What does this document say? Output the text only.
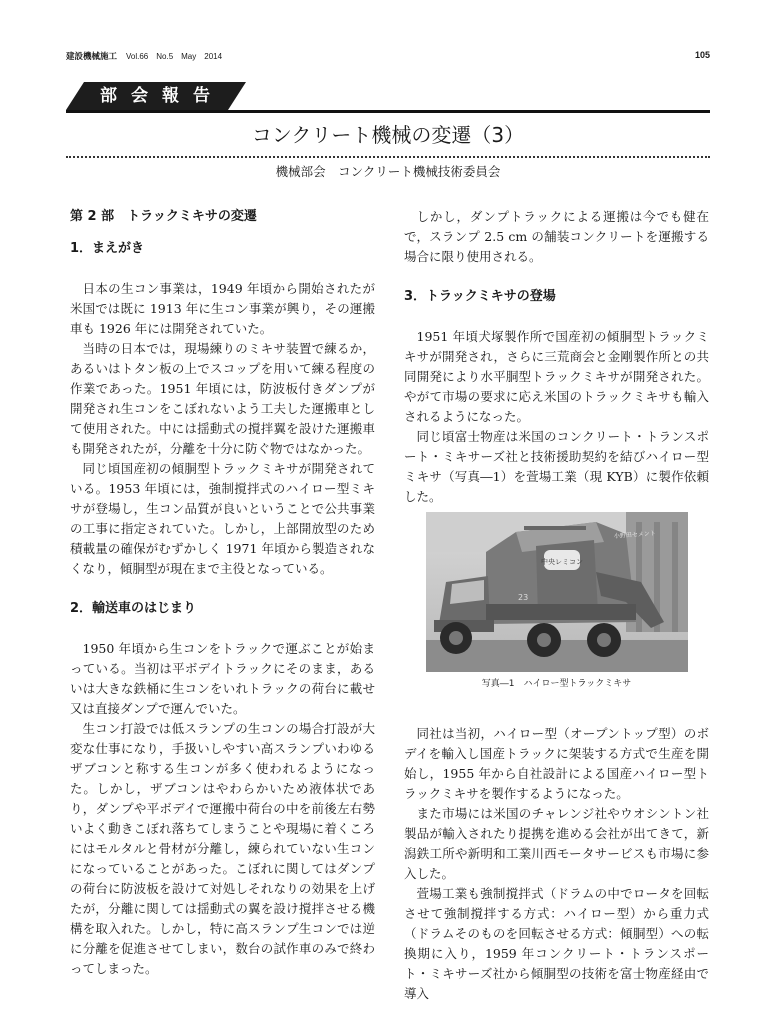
建設機械施工 Vol.66　No.5　May　2014	105
部会報告
コンクリート機械の変遷（3）
機械部会　コンクリート機械技術委員会
第 2 部　トラックミキサの変遷
1．まえがき

日本の生コン事業は，1949 年頃から開始されたが米国では既に 1913 年に生コン事業が興り，その運搬車も 1926 年には開発されていた。

当時の日本では，現場練りのミキサ装置で練るか，あるいはトタン板の上でスコップを用いて練る程度の作業であった。1951 年頃には，防波板付きダンプが開発され生コンをこぼれないよう工夫した運搬車として使用された。中には揺動式の撹拌翼を設けた運搬車も開発されたが，分離を十分に防ぐ物ではなかった。

同じ頃国産初の傾胴型トラックミキサが開発されている。1953 年頃には，強制撹拌式のハイロー型ミキサが登場し，生コン品質が良いということで公共事業の工事に指定されていた。しかし，上部開放型のため積載量の確保がむずかしく 1971 年頃から製造されなくなり，傾胴型が現在まで主役となっている。

2．輸送車のはじまり

1950 年頃から生コンをトラックで運ぶことが始まっている。当初は平ボデイトラックにそのまま，あるいは大きな鉄桶に生コンをいれトラックの荷台に載せ又は直接ダンプで運んでいた。

生コン打設では低スランプの生コンの場合打設が大変な仕事になり，手扱いしやすい高スランプいわゆるザブコンと称する生コンが多く使われるようになった。しかし，ザブコンはやわらかいため液体状であり，ダンプや平ボデイで運搬中荷台の中を前後左右勢いよく動きこぼれ落ちてしまうことや現場に着くころにはモルタルと骨材が分離し，練られていない生コンになっていることがあった。こぼれに関してはダンプの荷台に防波板を設けて対処しそれなりの効果を上げたが，分離に関しては揺動式の翼を設け撹拌させる機構を取入れた。しかし，特に高スランプ生コンでは逆に分離を促進させてしまい，数台の試作車のみで終わってしまった。

しかし，ダンプトラックによる運搬は今でも健在で，スランプ 2.5 cm の舗装コンクリートを運搬する場合に限り使用される。

3．トラックミキサの登場

1951 年頃犬塚製作所で国産初の傾胴型トラックミキサが開発され，さらに三荒商会と金剛製作所との共同開発により水平胴型トラックミキサが開発された。やがて市場の要求に応え米国のトラックミキサも輸入されるようになった。

同じ頃富士物産は米国のコンクリート・トランスポート・ミキサーズ社と技術援助契約を結びハイロー型ミキサ（写真―1）を萱場工業（現 KYB）に製作依頼した。

同社は当初，ハイロー型（オープントップ型）のボデイを輸入し国産トラックに架装する方式で生産を開始し，1955 年から自社設計による国産ハイロー型トラックミキサを製作するようになった。

また市場には米国のチャレンジ社やウオシントン社製品が輸入されたり提携を進める会社が出てきて，新潟鉄工所や新明和工業川西モータサービスも市場に参入した。

萱場工業も強制撹拌式（ドラムの中でロータを回転させて強制撹拌する方式：ハイロー型）から重力式（ドラムそのものを回転させる方式：傾胴型）への転換期に入り，1959 年コンクリート・トランスポート・ミキサーズ社から傾胴型の技術を富士物産経由で導入

中央レミコン
小野田セメント
23
写真―1　ハイロー型トラックミキサ
